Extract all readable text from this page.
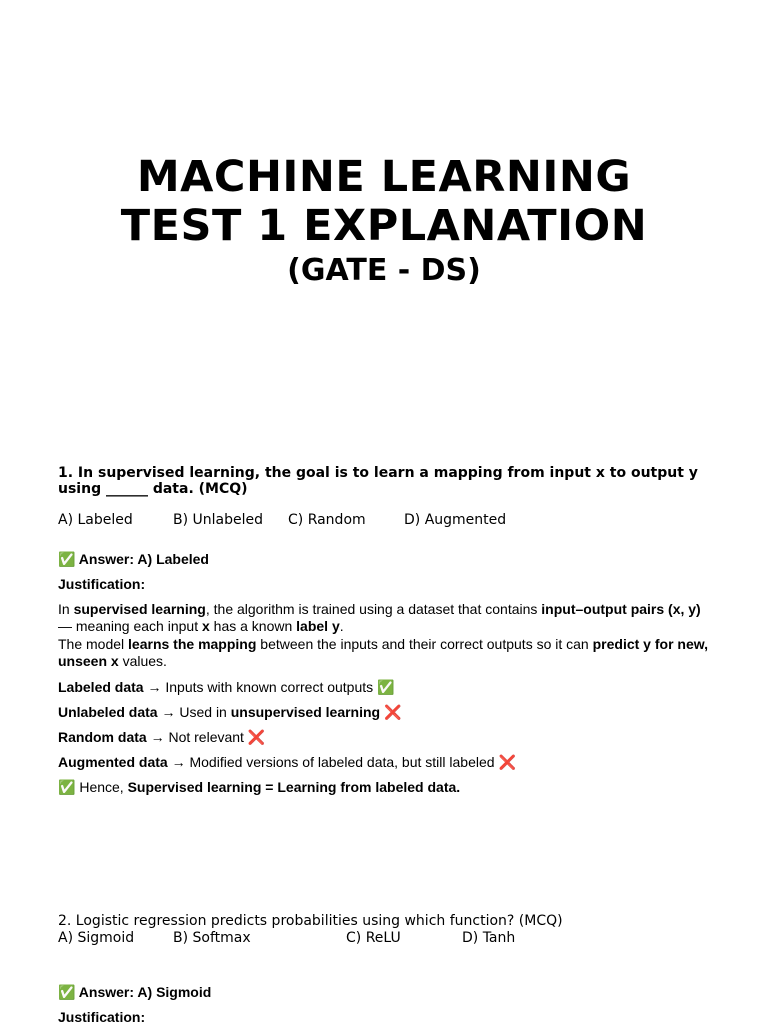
MACHINE LEARNING
TEST 1 EXPLANATION
(GATE - DS)
1. In supervised learning, the goal is to learn a mapping from input x to output y using ______ data. (MCQ)

A) Labeled

	B) Unlabeled

C) Random

	D) Augmented

✅ Answer: A) Labeled
Justification:
In supervised learning, the algorithm is trained using a dataset that contains input–output pairs (x, y) — meaning each input x has a known label y.
The model learns the mapping between the inputs and their correct outputs so it can predict y for new, unseen x values.
Labeled data → Inputs with known correct outputs ✅
Unlabeled data → Used in unsupervised learning ❌
Random data → Not relevant ❌
Augmented data → Modified versions of labeled data, but still labeled ❌
✅ Hence, Supervised learning = Learning from labeled data.
2. Logistic regression predicts probabilities using which function? (MCQ)

A) Sigmoid

	B) Softmax

	C) ReLU

	D) Tanh

✅ Answer: A) Sigmoid
Justification:
